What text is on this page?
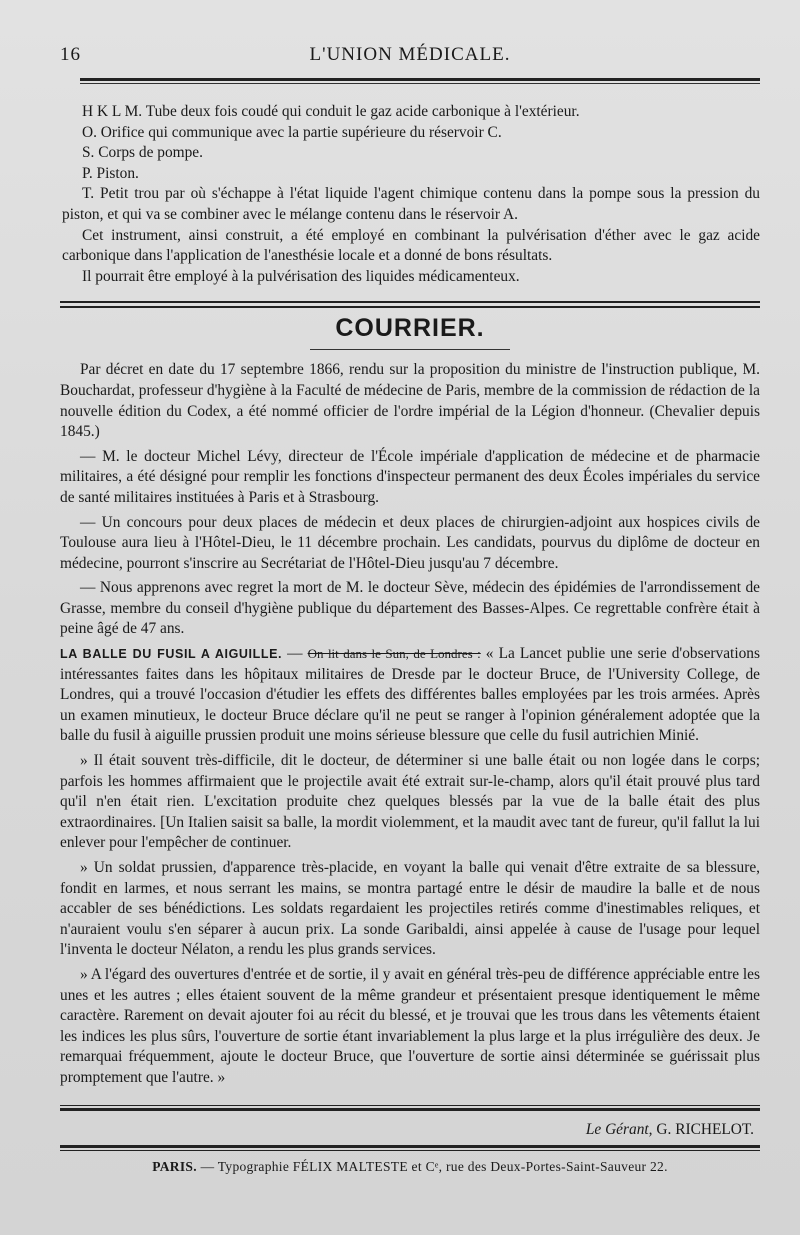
16	L'UNION MÉDICALE.

H K L M. Tube deux fois coudé qui conduit le gaz acide carbonique à l'extérieur.

O. Orifice qui communique avec la partie supérieure du réservoir C.

S. Corps de pompe.

P. Piston.

T. Petit trou par où s'échappe à l'état liquide l'agent chimique contenu dans la pompe sous la pression du piston, et qui va se combiner avec le mélange contenu dans le réservoir A.

Cet instrument, ainsi construit, a été employé en combinant la pulvérisation d'éther avec le gaz acide carbonique dans l'application de l'anesthésie locale et a donné de bons résultats.

Il pourrait être employé à la pulvérisation des liquides médicamenteux.

COURRIER.

Par décret en date du 17 septembre 1866, rendu sur la proposition du ministre de l'instruction publique, M. Bouchardat, professeur d'hygiène à la Faculté de médecine de Paris, membre de la commission de rédaction de la nouvelle édition du Codex, a été nommé officier de l'ordre impérial de la Légion d'honneur. (Chevalier depuis 1845.)

— M. le docteur Michel Lévy, directeur de l'École impériale d'application de médecine et de pharmacie militaires, a été désigné pour remplir les fonctions d'inspecteur permanent des deux Écoles impériales du service de santé militaires instituées à Paris et à Strasbourg.

— Un concours pour deux places de médecin et deux places de chirurgien-adjoint aux hospices civils de Toulouse aura lieu à l'Hôtel-Dieu, le 11 décembre prochain. Les candidats, pourvus du diplôme de docteur en médecine, pourront s'inscrire au Secrétariat de l'Hôtel-Dieu jusqu'au 7 décembre.

— Nous apprenons avec regret la mort de M. le docteur Sève, médecin des épidémies de l'arrondissement de Grasse, membre du conseil d'hygiène publique du département des Basses-Alpes. Ce regrettable confrère était à peine âgé de 47 ans.

LA BALLE DU FUSIL A AIGUILLE. — On lit dans le Sun, de Londres : « La Lancet publie une serie d'observations intéressantes faites dans les hôpitaux militaires de Dresde par le docteur Bruce, de l'University College, de Londres, qui a trouvé l'occasion d'étudier les effets des différentes balles employées par les trois armées. Après un examen minutieux, le docteur Bruce déclare qu'il ne peut se ranger à l'opinion généralement adoptée que la balle du fusil à aiguille prussien produit une moins sérieuse blessure que celle du fusil autrichien Minié.

» Il était souvent très-difficile, dit le docteur, de déterminer si une balle était ou non logée dans le corps; parfois les hommes affirmaient que le projectile avait été extrait sur-le-champ, alors qu'il était prouvé plus tard qu'il n'en était rien. L'excitation produite chez quelques blessés par la vue de la balle était des plus extraordinaires. [Un Italien saisit sa balle, la mordit violemment, et la maudit avec tant de fureur, qu'il fallut la lui enlever pour l'empêcher de continuer.

» Un soldat prussien, d'apparence très-placide, en voyant la balle qui venait d'être extraite de sa blessure, fondit en larmes, et nous serrant les mains, se montra partagé entre le désir de maudire la balle et de nous accabler de ses bénédictions. Les soldats regardaient les projectiles retirés comme d'inestimables reliques, et n'auraient voulu s'en séparer à aucun prix. La sonde Garibaldi, ainsi appelée à cause de l'usage pour lequel l'inventa le docteur Nélaton, a rendu les plus grands services.

» A l'égard des ouvertures d'entrée et de sortie, il y avait en général très-peu de différence appréciable entre les unes et les autres ; elles étaient souvent de la même grandeur et présentaient presque identiquement le même caractère. Rarement on devait ajouter foi au récit du blessé, et je trouvai que les trous dans les vêtements étaient les indices les plus sûrs, l'ouverture de sortie étant invariablement la plus large et la plus irrégulière des deux. Je remarquai fréquemment, ajoute le docteur Bruce, que l'ouverture de sortie ainsi déterminée se guérissait plus promptement que l'autre. »

Le Gérant, G. RICHELOT.
PARIS. — Typographie FÉLIX MALTESTE et Cᵉ, rue des Deux-Portes-Saint-Sauveur 22.
